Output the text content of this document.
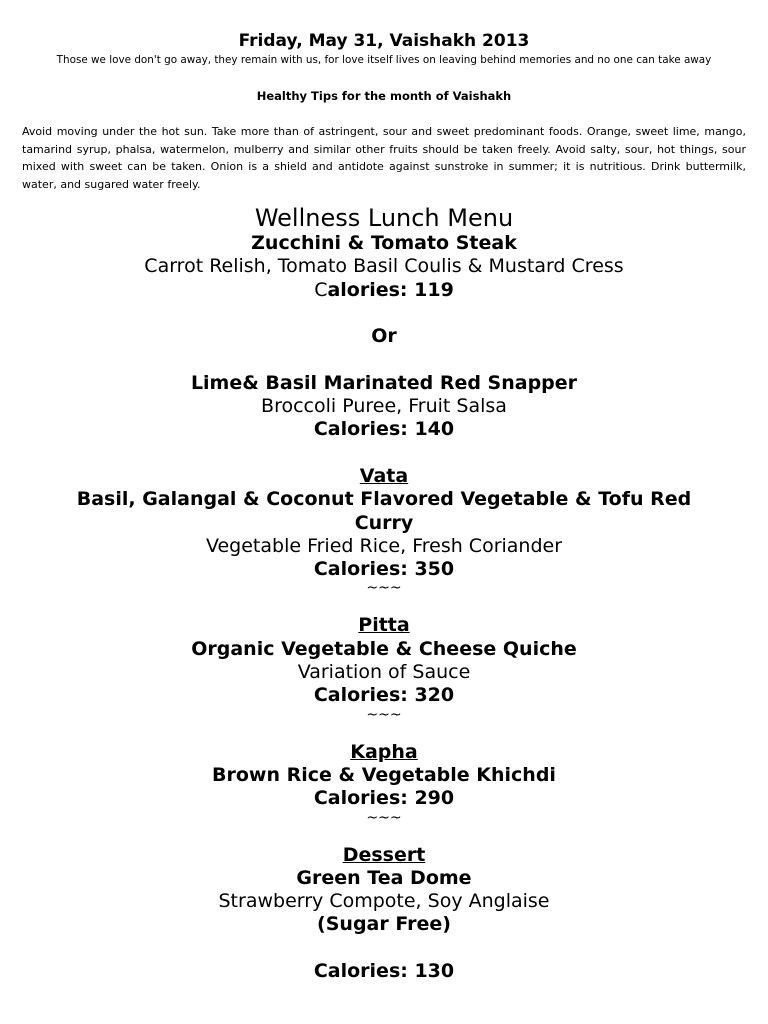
Friday, May 31, Vaishakh 2013

Those we love don't go away, they remain with us, for love itself lives on leaving behind memories and no one can take away

Healthy Tips for the month of Vaishakh

Avoid moving under the hot sun. Take more than of astringent, sour and sweet predominant foods. Orange, sweet lime, mango, tamarind syrup, phalsa, watermelon, mulberry and similar other fruits should be taken freely. Avoid salty, sour, hot things, sour mixed with sweet can be taken. Onion is a shield and antidote against sunstroke in summer; it is nutritious. Drink buttermilk, water, and sugared water freely.

Wellness Lunch Menu

Zucchini & Tomato Steak

Carrot Relish, Tomato Basil Coulis & Mustard Cress

Calories: 119

Or

Lime& Basil Marinated Red Snapper

Broccoli Puree, Fruit Salsa

Calories: 140

Vata

Basil, Galangal & Coconut Flavored Vegetable & Tofu Red

Curry

Vegetable Fried Rice, Fresh Coriander

Calories: 350

~~~

Pitta

Organic Vegetable & Cheese Quiche

Variation of Sauce

Calories: 320

~~~

Kapha

Brown Rice & Vegetable Khichdi

Calories: 290

~~~

Dessert

Green Tea Dome

Strawberry Compote, Soy Anglaise

(Sugar Free)

Calories: 130
